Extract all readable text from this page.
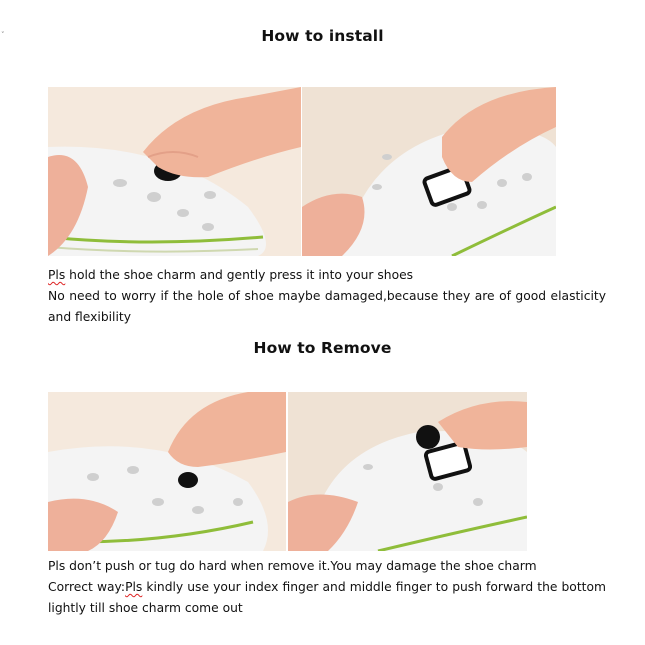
˅	How to install

Pls hold the shoe charm and gently press it into your shoes

No need to worry if the hole of shoe maybe damaged,because they are of good elasticity and flexibility

How to Remove

Pls don’t push or tug do hard when remove it.You may damage the shoe charm

Correct way:Pls kindly use your index finger and middle finger to push forward the bottom lightly till shoe charm come out
